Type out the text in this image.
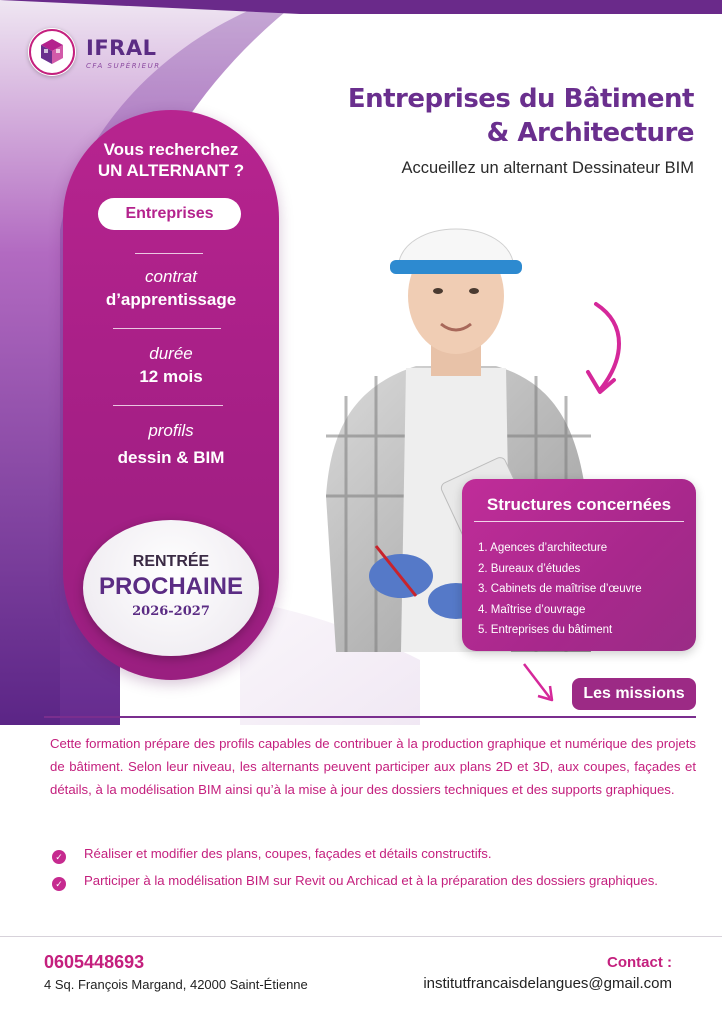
IFRAL
CFA SUPÉRIEUR
Entreprises du Bâtiment
& Architecture
Accueillez un alternant Dessinateur BIM
Vous recherchez
UN ALTERNANT ?
Entreprises
contrat
d’apprentissage
durée
12 mois
profils
dessin & BIM
RENTRÉE
PROCHAINE
2026-2027
Structures concernées
1. Agences d’architecture
2. Bureaux d’études
3. Cabinets de maîtrise d’œuvre
4. Maîtrise d’ouvrage
5. Entreprises du bâtiment
Les missions
Cette formation prépare des profils capables de contribuer à la production graphique et numérique des projets de bâtiment. Selon leur niveau, les alternants peuvent participer aux plans 2D et 3D, aux coupes, façades et détails, à la modélisation BIM ainsi qu’à la mise à jour des dossiers techniques et des supports graphiques.
✓ Réaliser et modifier des plans, coupes, façades et détails constructifs.
✓ Participer à la modélisation BIM sur Revit ou Archicad et à la préparation des dossiers graphiques.
0605448693
4 Sq. François Margand, 42000 Saint-Étienne
Contact :
institutfrancaisdelangues@gmail.com
